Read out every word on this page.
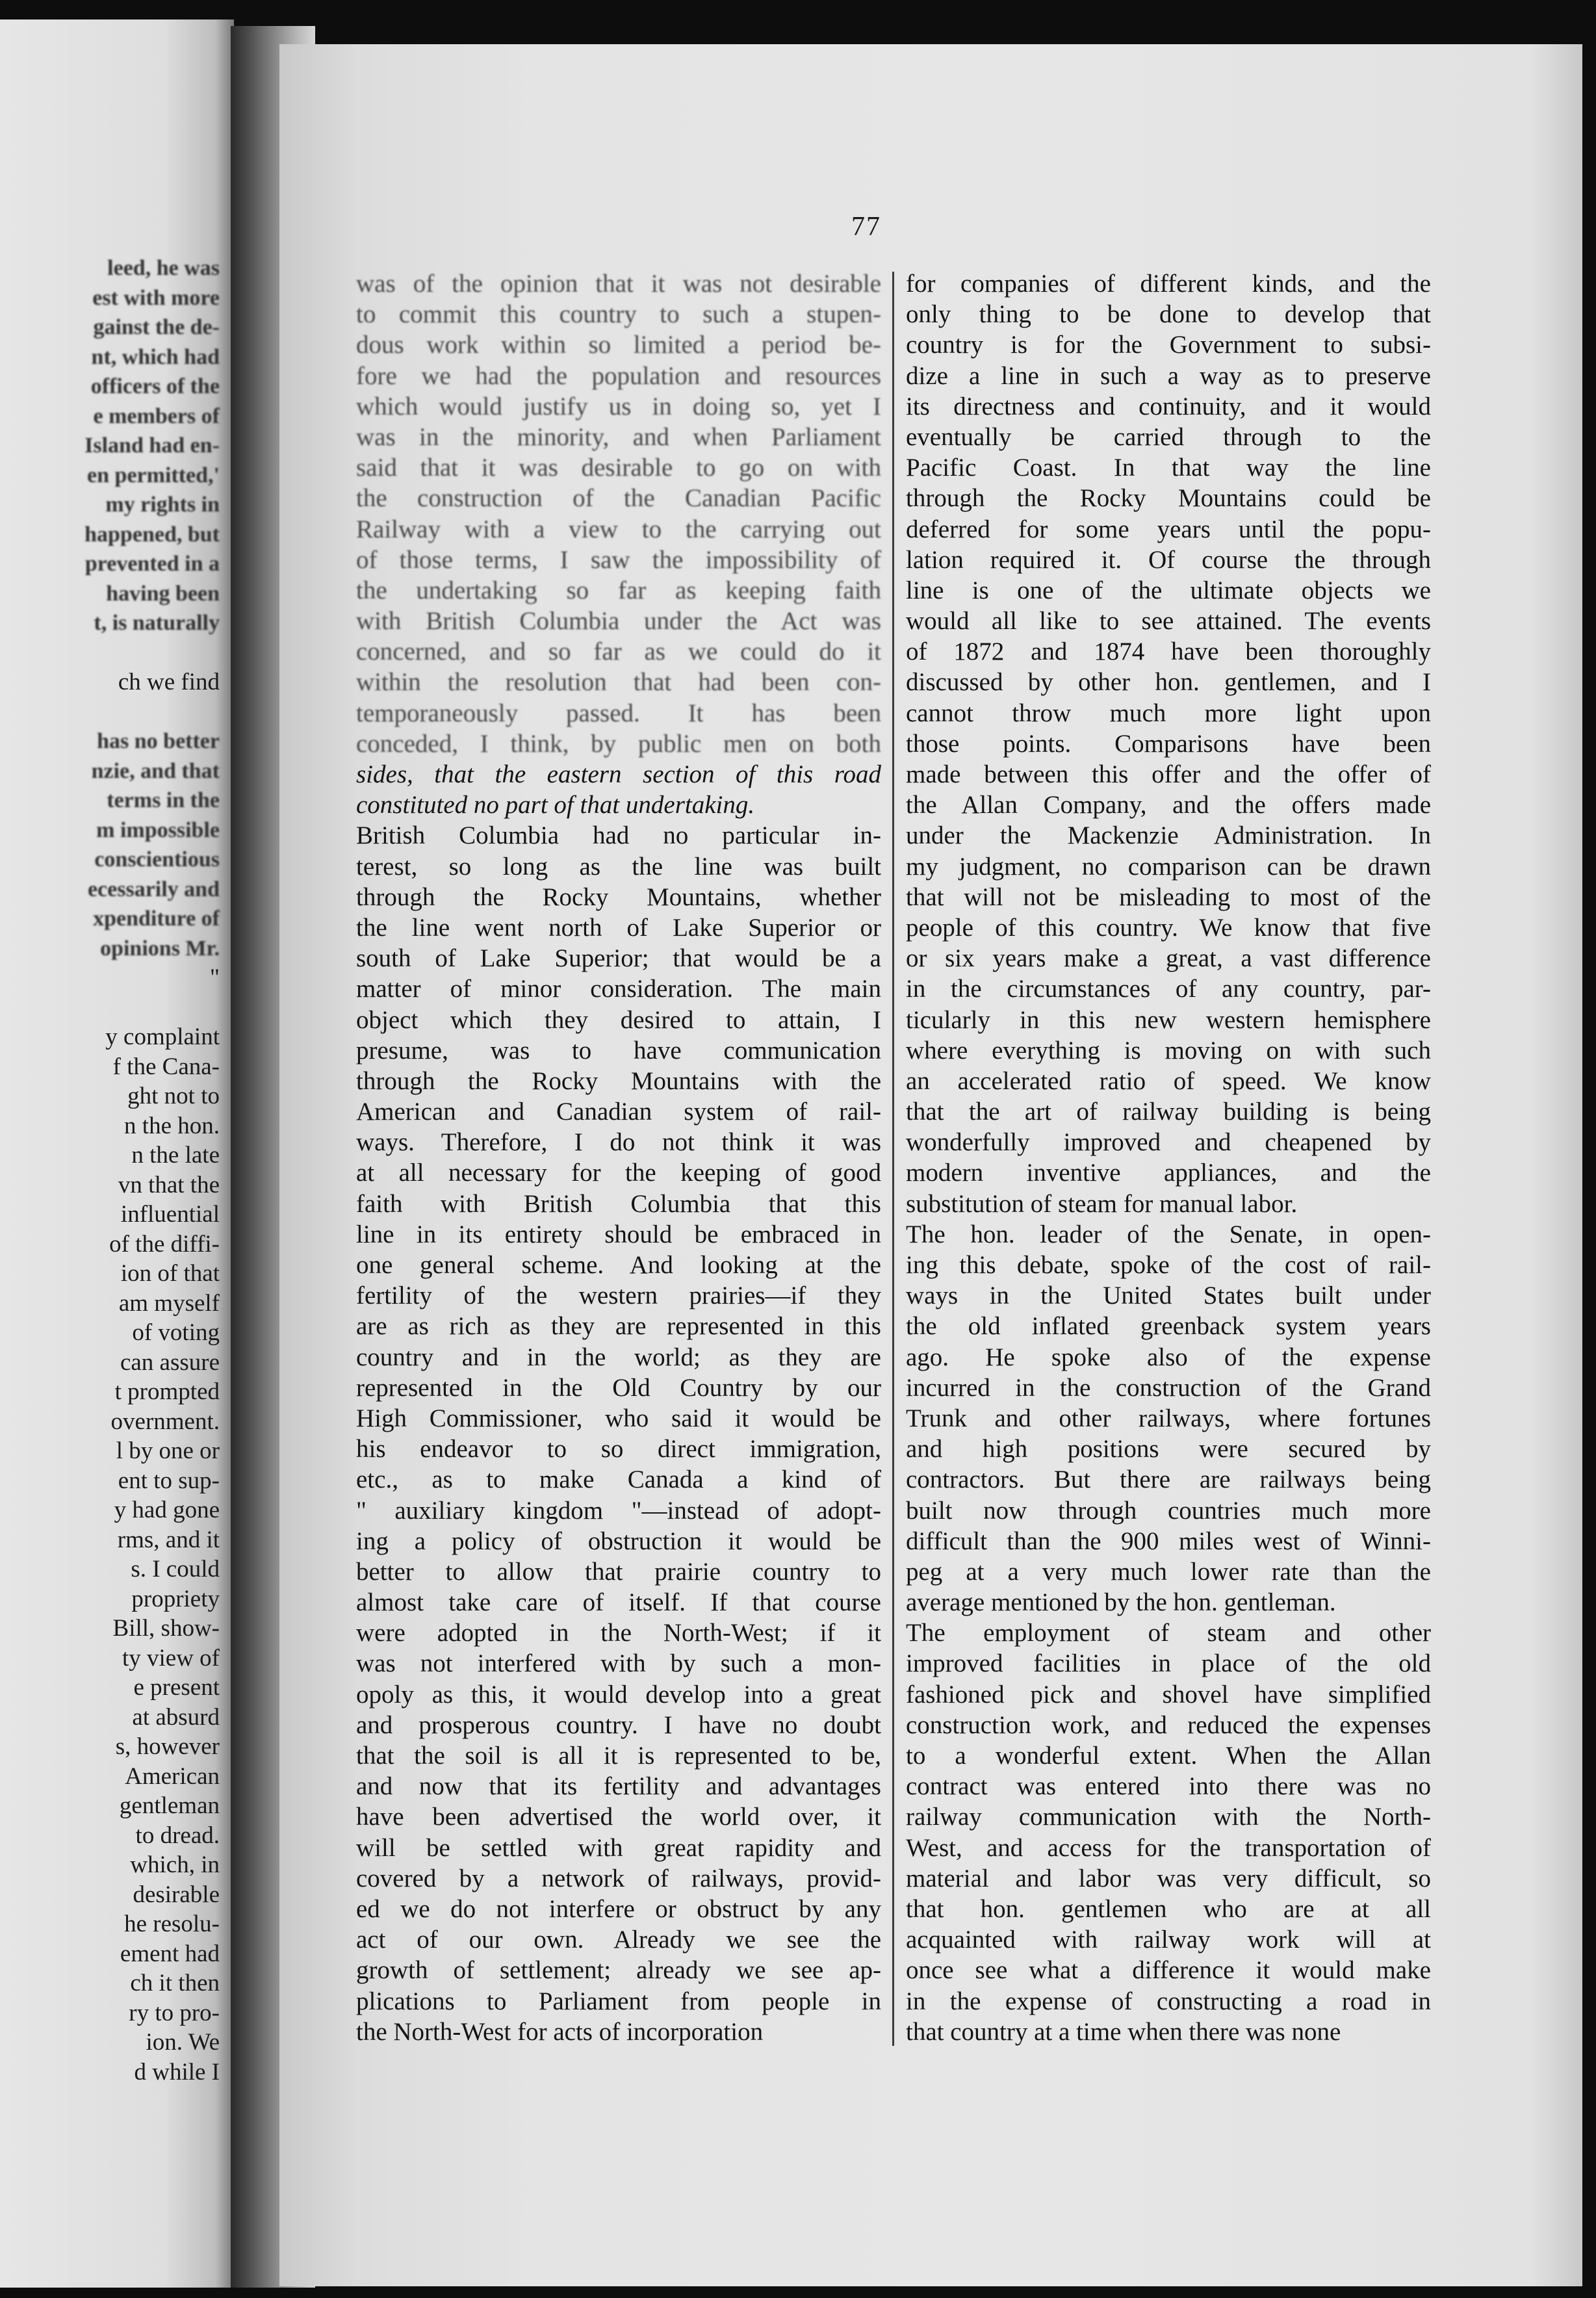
leed, he was
est with more
gainst the de-
nt, which had
officers of the
e members of
Island had en-
en permitted,'
my rights in
happened, but
prevented in a
having been
t, is naturally
ch we find
has no better
nzie, and that
terms in the
m impossible
conscientious
ecessarily and
xpenditure of
opinions Mr.
"
y complaint
f the Cana-
ght not to
n the hon.
n the late
vn that the
influential
of the diffi-
ion of that
am myself
of voting
can assure
t prompted
overnment.
l by one or
ent to sup-
y had gone
rms, and it
s. I could
propriety
Bill, show-
ty view of
e present
at absurd
s, however
American
gentleman
to dread.
which, in
desirable
he resolu-
ement had
ch it then
ry to pro-
ion. We
d while I
77
was of the opinion that it was not desirable
to commit this country to such a stupen-
dous work within so limited a period be-
fore we had the population and resources
which would justify us in doing so, yet I
was in the minority, and when Parliament
said that it was desirable to go on with
the construction of the Canadian Pacific
Railway with a view to the carrying out
of those terms, I saw the impossibility of
the undertaking so far as keeping faith
with British Columbia under the Act was
concerned, and so far as we could do it
within the resolution that had been con-
temporaneously passed. It has been
conceded, I think, by public men on both
sides, that the eastern section of this road
constituted no part of that undertaking.
British Columbia had no particular in-
terest, so long as the line was built
through the Rocky Mountains, whether
the line went north of Lake Superior or
south of Lake Superior; that would be a
matter of minor consideration. The main
object which they desired to attain, I
presume, was to have communication
through the Rocky Mountains with the
American and Canadian system of rail-
ways. Therefore, I do not think it was
at all necessary for the keeping of good
faith with British Columbia that this
line in its entirety should be embraced in
one general scheme. And looking at the
fertility of the western prairies—if they
are as rich as they are represented in this
country and in the world; as they are
represented in the Old Country by our
High Commissioner, who said it would be
his endeavor to so direct immigration,
etc., as to make Canada a kind of
" auxiliary kingdom "—instead of adopt-
ing a policy of obstruction it would be
better to allow that prairie country to
almost take care of itself. If that course
were adopted in the North-West; if it
was not interfered with by such a mon-
opoly as this, it would develop into a great
and prosperous country. I have no doubt
that the soil is all it is represented to be,
and now that its fertility and advantages
have been advertised the world over, it
will be settled with great rapidity and
covered by a network of railways, provid-
ed we do not interfere or obstruct by any
act of our own. Already we see the
growth of settlement; already we see ap-
plications to Parliament from people in
the North-West for acts of incorporation
for companies of different kinds, and the
only thing to be done to develop that
country is for the Government to subsi-
dize a line in such a way as to preserve
its directness and continuity, and it would
eventually be carried through to the
Pacific Coast. In that way the line
through the Rocky Mountains could be
deferred for some years until the popu-
lation required it. Of course the through
line is one of the ultimate objects we
would all like to see attained. The events
of 1872 and 1874 have been thoroughly
discussed by other hon. gentlemen, and I
cannot throw much more light upon
those points. Comparisons have been
made between this offer and the offer of
the Allan Company, and the offers made
under the Mackenzie Administration. In
my judgment, no comparison can be drawn
that will not be misleading to most of the
people of this country. We know that five
or six years make a great, a vast difference
in the circumstances of any country, par-
ticularly in this new western hemisphere
where everything is moving on with such
an accelerated ratio of speed. We know
that the art of railway building is being
wonderfully improved and cheapened by
modern inventive appliances, and the
substitution of steam for manual labor.
The hon. leader of the Senate, in open-
ing this debate, spoke of the cost of rail-
ways in the United States built under
the old inflated greenback system years
ago. He spoke also of the expense
incurred in the construction of the Grand
Trunk and other railways, where fortunes
and high positions were secured by
contractors. But there are railways being
built now through countries much more
difficult than the 900 miles west of Winni-
peg at a very much lower rate than the
average mentioned by the hon. gentleman.
The employment of steam and other
improved facilities in place of the old
fashioned pick and shovel have simplified
construction work, and reduced the expenses
to a wonderful extent. When the Allan
contract was entered into there was no
railway communication with the North-
West, and access for the transportation of
material and labor was very difficult, so
that hon. gentlemen who are at all
acquainted with railway work will at
once see what a difference it would make
in the expense of constructing a road in
that country at a time when there was none
